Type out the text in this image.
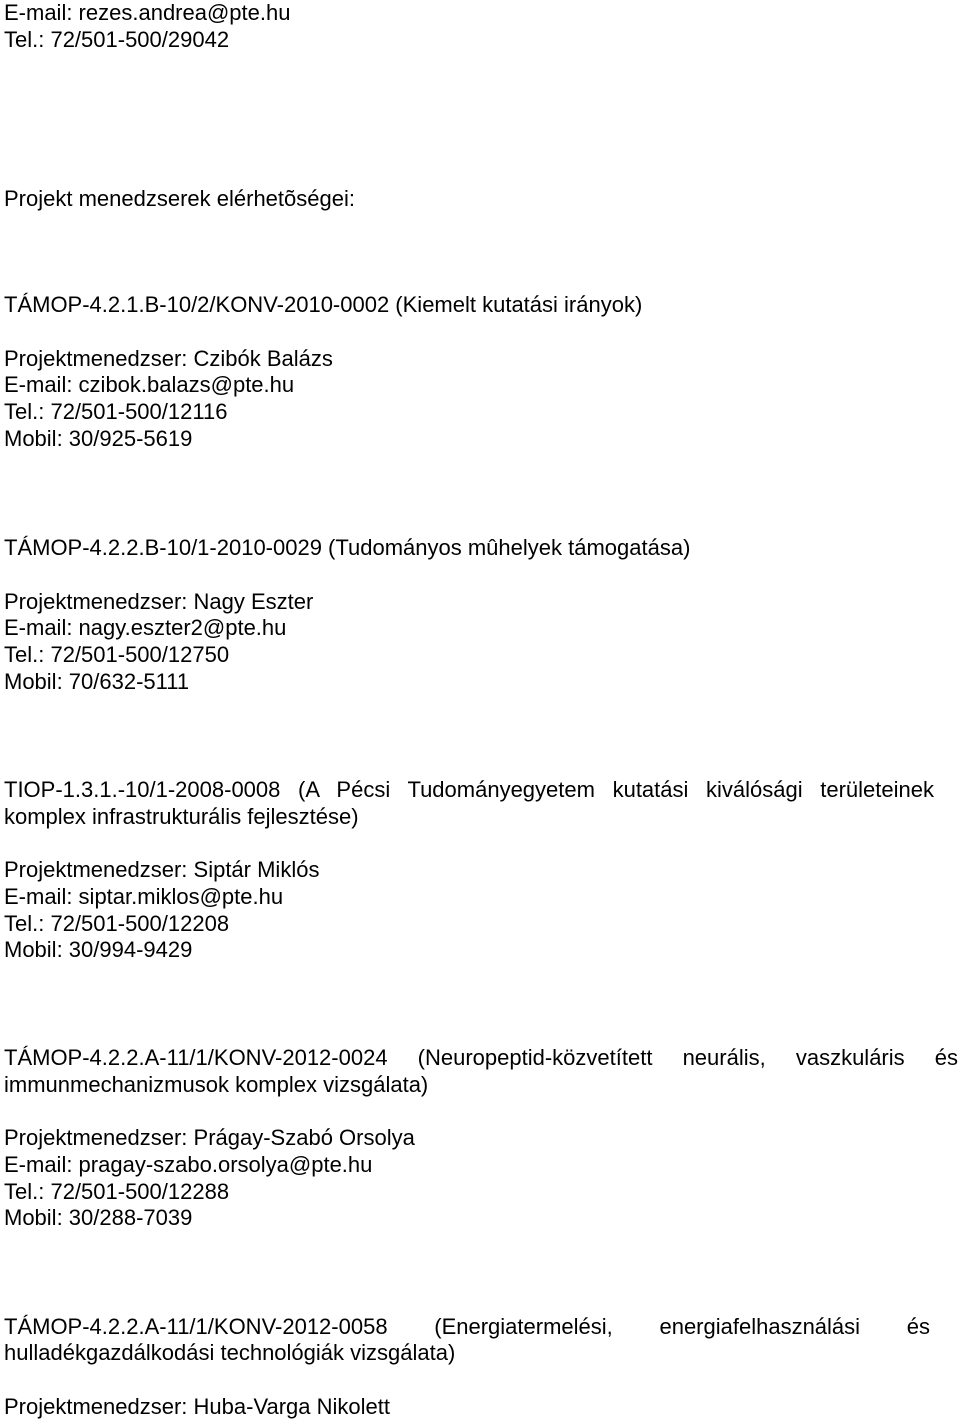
E-mail: rezes.andrea@pte.hu
Tel.: 72/501-500/29042
Projekt menedzserek elérhetõségei:
TÁMOP-4.2.1.B-10/2/KONV-2010-0002 (Kiemelt kutatási irányok)
Projektmenedzser: Czibók Balázs
E-mail: czibok.balazs@pte.hu
Tel.: 72/501-500/12116
Mobil: 30/925-5619
TÁMOP-4.2.2.B-10/1-2010-0029 (Tudományos mûhelyek támogatása)
Projektmenedzser: Nagy Eszter
E-mail: nagy.eszter2@pte.hu
Tel.: 72/501-500/12750
Mobil: 70/632-5111
TIOP-1.3.1.-10/1-2008-0008 (A Pécsi Tudományegyetem kutatási kiválósági területeinek
komplex infrastrukturális fejlesztése)
Projektmenedzser: Siptár Miklós
E-mail: siptar.miklos@pte.hu
Tel.: 72/501-500/12208
Mobil: 30/994-9429
TÁMOP-4.2.2.A-11/1/KONV-2012-0024 (Neuropeptid-közvetített neurális, vaszkuláris és
immunmechanizmusok komplex vizsgálata)
Projektmenedzser: Prágay-Szabó Orsolya
E-mail: pragay-szabo.orsolya@pte.hu
Tel.: 72/501-500/12288
Mobil: 30/288-7039
TÁMOP-4.2.2.A-11/1/KONV-2012-0058 (Energiatermelési, energiafelhasználási és
hulladékgazdálkodási technológiák vizsgálata)
Projektmenedzser: Huba-Varga Nikolett
